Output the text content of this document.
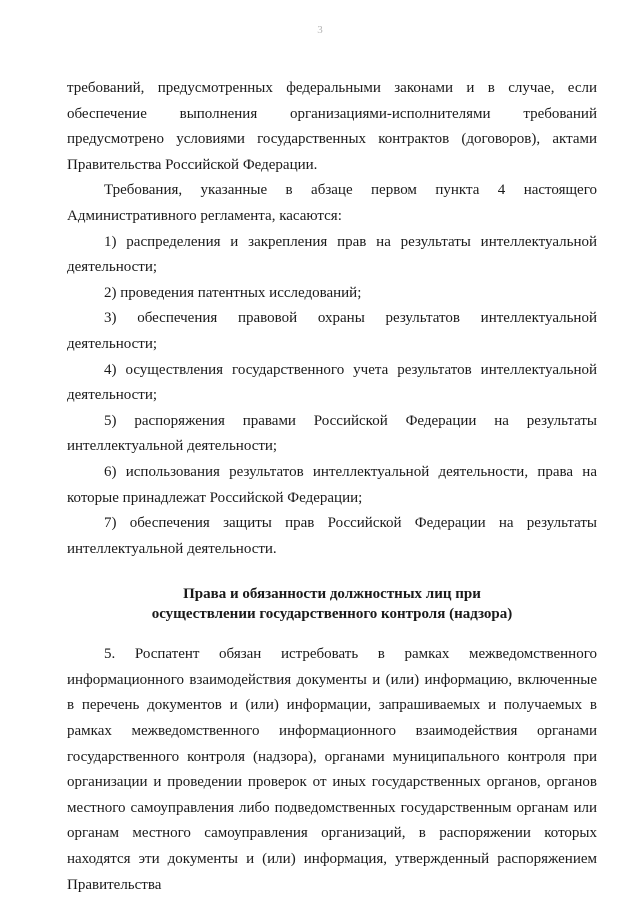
3

требований, предусмотренных федеральными законами и в случае, если обеспечение выполнения организациями-исполнителями требований предусмотрено условиями государственных контрактов (договоров), актами Правительства Российской Федерации.

Требования, указанные в абзаце первом пункта 4 настоящего Административного регламента, касаются:

1) распределения и закрепления прав на результаты интеллектуальной деятельности;

2) проведения патентных исследований;

3) обеспечения правовой охраны результатов интеллектуальной деятельности;

4) осуществления государственного учета результатов интеллектуальной деятельности;

5) распоряжения правами Российской Федерации на результаты интеллектуальной деятельности;

6) использования результатов интеллектуальной деятельности, права на которые принадлежат Российской Федерации;

7) обеспечения защиты прав Российской Федерации на результаты интеллектуальной деятельности.

Права и обязанности должностных лиц при
осуществлении государственного контроля (надзора)

5. Роспатент обязан истребовать в рамках межведомственного информационного взаимодействия документы и (или) информацию, включенные в перечень документов и (или) информации, запрашиваемых и получаемых в рамках межведомственного информационного взаимодействия органами государственного контроля (надзора), органами муниципального контроля при организации и проведении проверок от иных государственных органов, органов местного самоуправления либо подведомственных государственным органам или органам местного самоуправления организаций, в распоряжении которых находятся эти документы и (или) информация, утвержденный распоряжением Правительства
